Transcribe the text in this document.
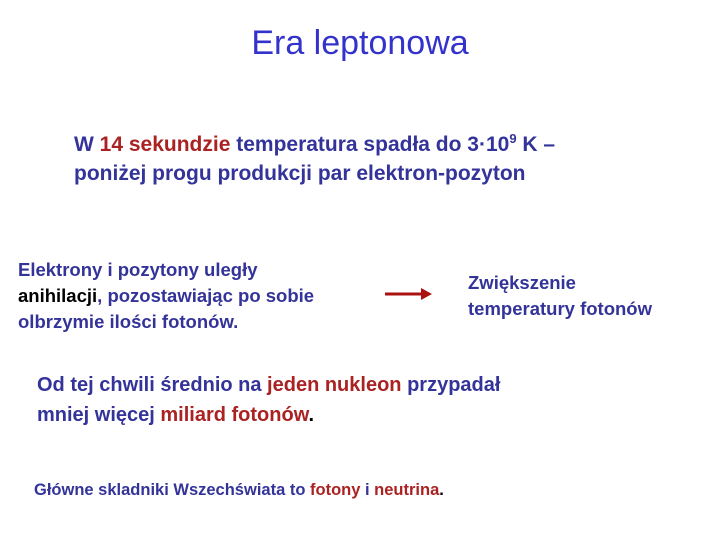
Era leptonowa
W 14 sekundzie temperatura spadła do $3\cdot 10^9$ K –
poniżej progu produkcji par elektron-pozyton
Elektrony i pozytony uległy
anihilacji, pozostawiając po sobie
olbrzymie ilości fotonów.
Zwiększenie
temperatury fotonów
Od tej chwili średnio na jeden nukleon przypadał
mniej więcej miliard fotonów.
Główne skladniki Wszechświata to fotony i neutrina.
